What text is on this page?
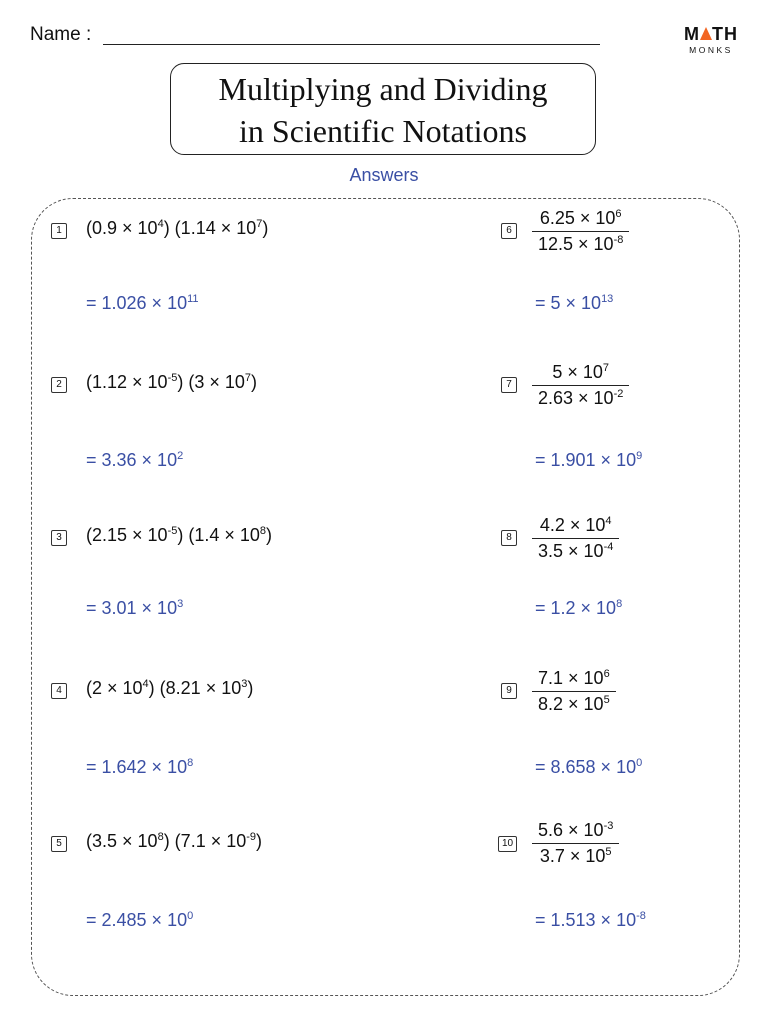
Name :	M TH
MONKS
Multiplying and Dividing
in Scientific Notations
Answers
1 $(0.9 \times 10^4)$ $(1.14 \times 10^7)$
= $1.026 \times 10^{11}$
2 $(1.12 \times 10^{-5})$ $(3 \times 10^7)$
= $3.36 \times 10^2$
3 $(2.15 \times 10^{-5})$ $(1.4 \times 10^8)$
= $3.01 \times 10^3$
4 $(2 \times 10^4)$ $(8.21 \times 10^3)$
= $1.642 \times 10^8$
5 $(3.5 \times 10^8)$ $(7.1 \times 10^{-9})$
= $2.485 \times 10^0$
$6 \frac{6.25 \times 10^6}{12.5 \times 10^{-8}}$
= $5 \times 10^{13}$
$7 \frac{5 \times 10^7}{2.63 \times 10^{-2}}$
= $1.901 \times 10^9$
$8 \frac{4.2 \times 10^4}{3.5 \times 10^{-4}}$
= $1.2 \times 10^8$
$9 \frac{7.1 \times 10^6}{8.2 \times 10^5}$
= $8.658 \times 10^0$
$10 \frac{5.6 \times 10^{-3}}{3.7 \times 10^5}$
= $1.513 \times 10^{-8}$
